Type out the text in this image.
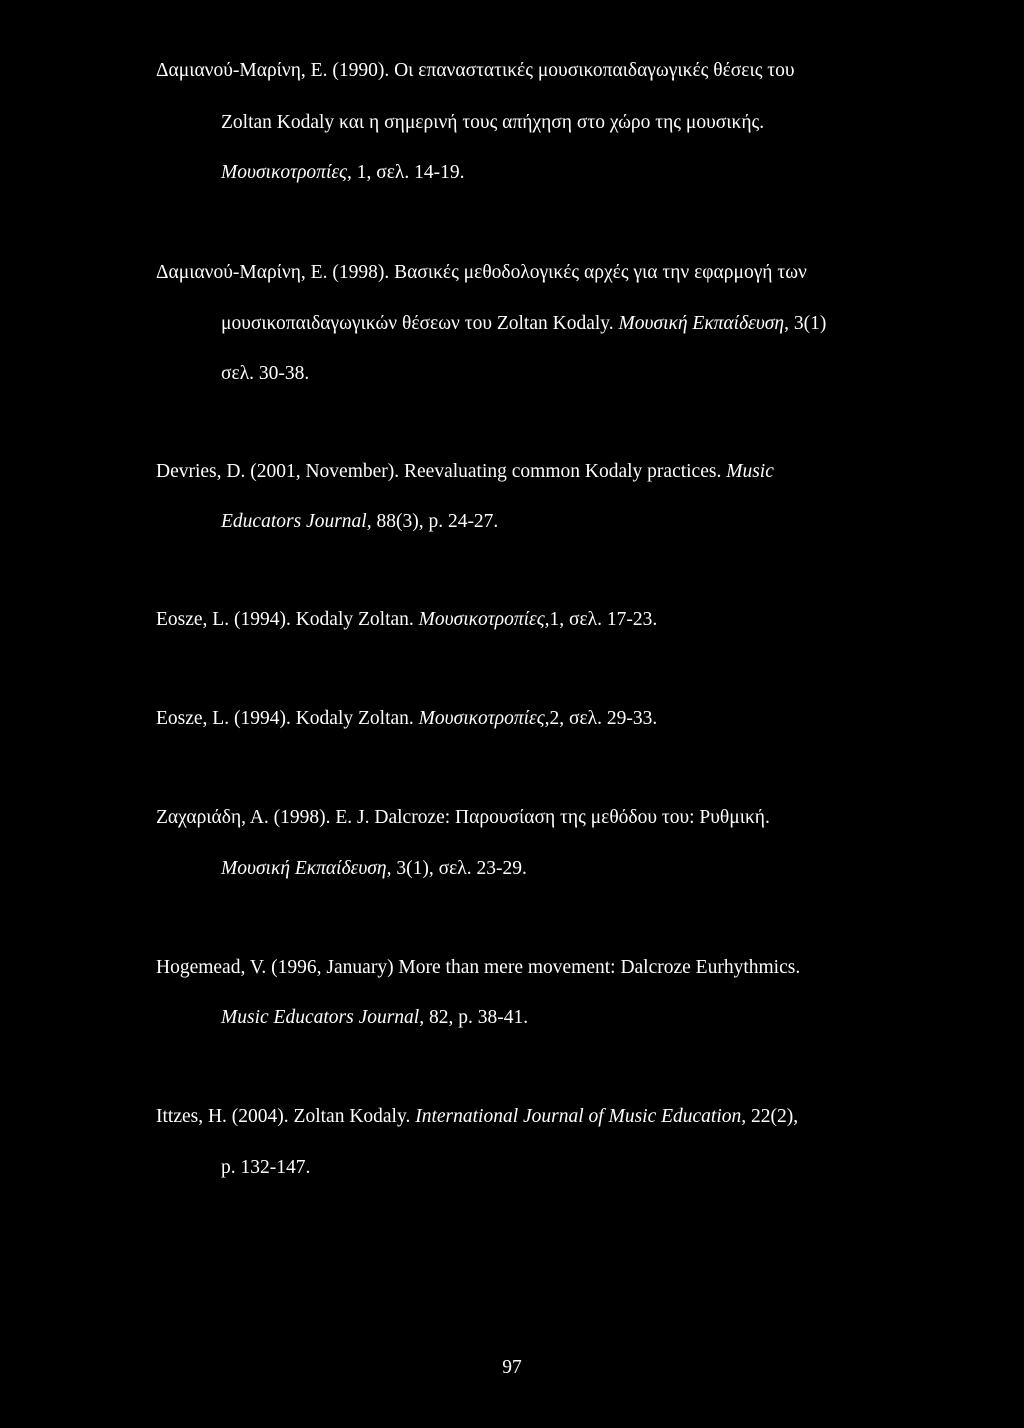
Δαμιανού-Μαρίνη, Ε. (1990). Οι επαναστατικές μουσικοπαιδαγωγικές θέσεις του
Zoltan Kodaly και η σημερινή τους απήχηση στο χώρο της μουσικής.
Μουσικοτροπίες, 1, σελ. 14-19.
Δαμιανού-Μαρίνη, Ε. (1998). Βασικές μεθοδολογικές αρχές για την εφαρμογή των
μουσικοπαιδαγωγικών θέσεων του Zoltan Kodaly. Μουσική Εκπαίδευση, 3(1)
σελ. 30-38.
Devries, D. (2001, November). Reevaluating common Kodaly practices. Music
Educators Journal, 88(3), p. 24-27.
Eosze, L. (1994). Kodaly Zoltan. Μουσικοτροπίες,1, σελ. 17-23.
Eosze, L. (1994). Kodaly Zoltan. Μουσικοτροπίες,2, σελ. 29-33.
Ζαχαριάδη, Α. (1998). E. J. Dalcroze: Παρουσίαση της μεθόδου του: Ρυθμική.
Μουσική Εκπαίδευση, 3(1), σελ. 23-29.
Hogemead, V. (1996, January) More than mere movement: Dalcroze Eurhythmics.
Music Educators Journal, 82, p. 38-41.
Ittzes, H. (2004). Zoltan Kodaly. International Journal of Music Education, 22(2),
p. 132-147.
97
